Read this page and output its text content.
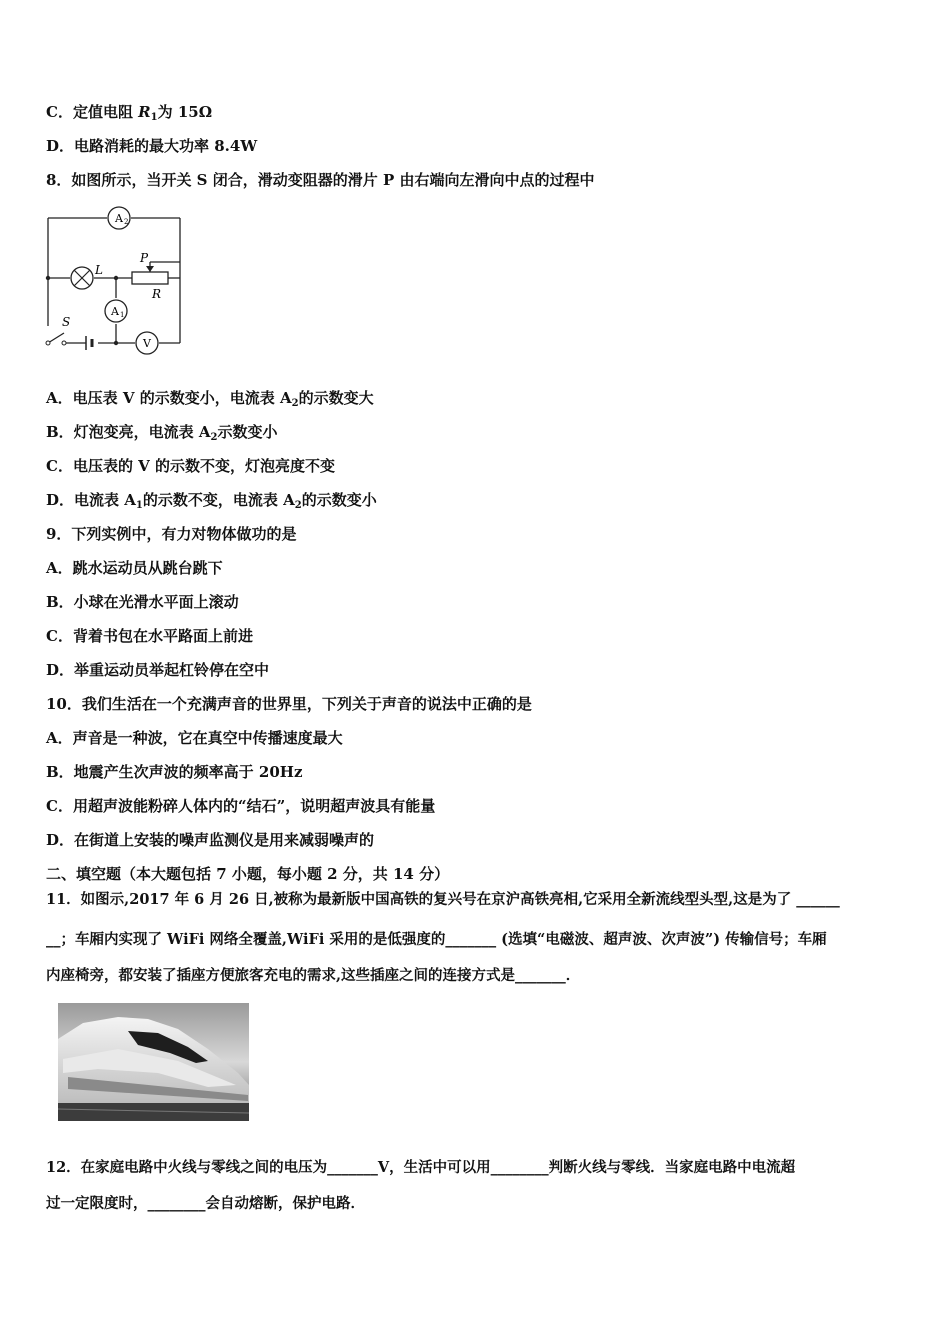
C．定值电阻 $R_1$为 15Ω
D．电路消耗的最大功率 8.4W
8．如图所示，当开关 S 闭合，滑动变阻器的滑片 P 由右端向左滑向中点的过程中
A 2
L
P
R
A 1
S
V
A．电压表 V 的示数变小，电流表 $A_2$的示数变大
B．灯泡变亮，电流表 $A_2$示数变小
C．电压表的 V 的示数不变，灯泡亮度不变
D．电流表 $A_1$的示数不变，电流表 $A_2$的示数变小
9．下列实例中，有力对物体做功的是
A．跳水运动员从跳台跳下
B．小球在光滑水平面上滚动
C．背着书包在水平路面上前进
D．举重运动员举起杠铃停在空中
10．我们生活在一个充满声音的世界里，下列关于声音的说法中正确的是
A．声音是一种波，它在真空中传播速度最大
B．地震产生次声波的频率高于 20Hz
C．用超声波能粉碎人体内的“结石”，说明超声波具有能量
D．在街道上安装的噪声监测仪是用来减弱噪声的
二、填空题（本大题包括 7 小题，每小题 2 分，共 14 分）
11．如图示,2017 年 6 月 26 日,被称为最新版中国高铁的复兴号在京沪高铁亮相,它采用全新流线型头型,这是为了 ______
__；车厢内实现了 WiFi 网络全覆盖,WiFi 采用的是低强度的_______ (选填“电磁波、超声波、次声波”) 传输信号；车厢
内座椅旁，都安装了插座方便旅客充电的需求,这些插座之间的连接方式是_______．
12．在家庭电路中火线与零线之间的电压为_______V，生活中可以用________判断火线与零线．当家庭电路中电流超
过一定限度时，________会自动熔断，保护电路．
